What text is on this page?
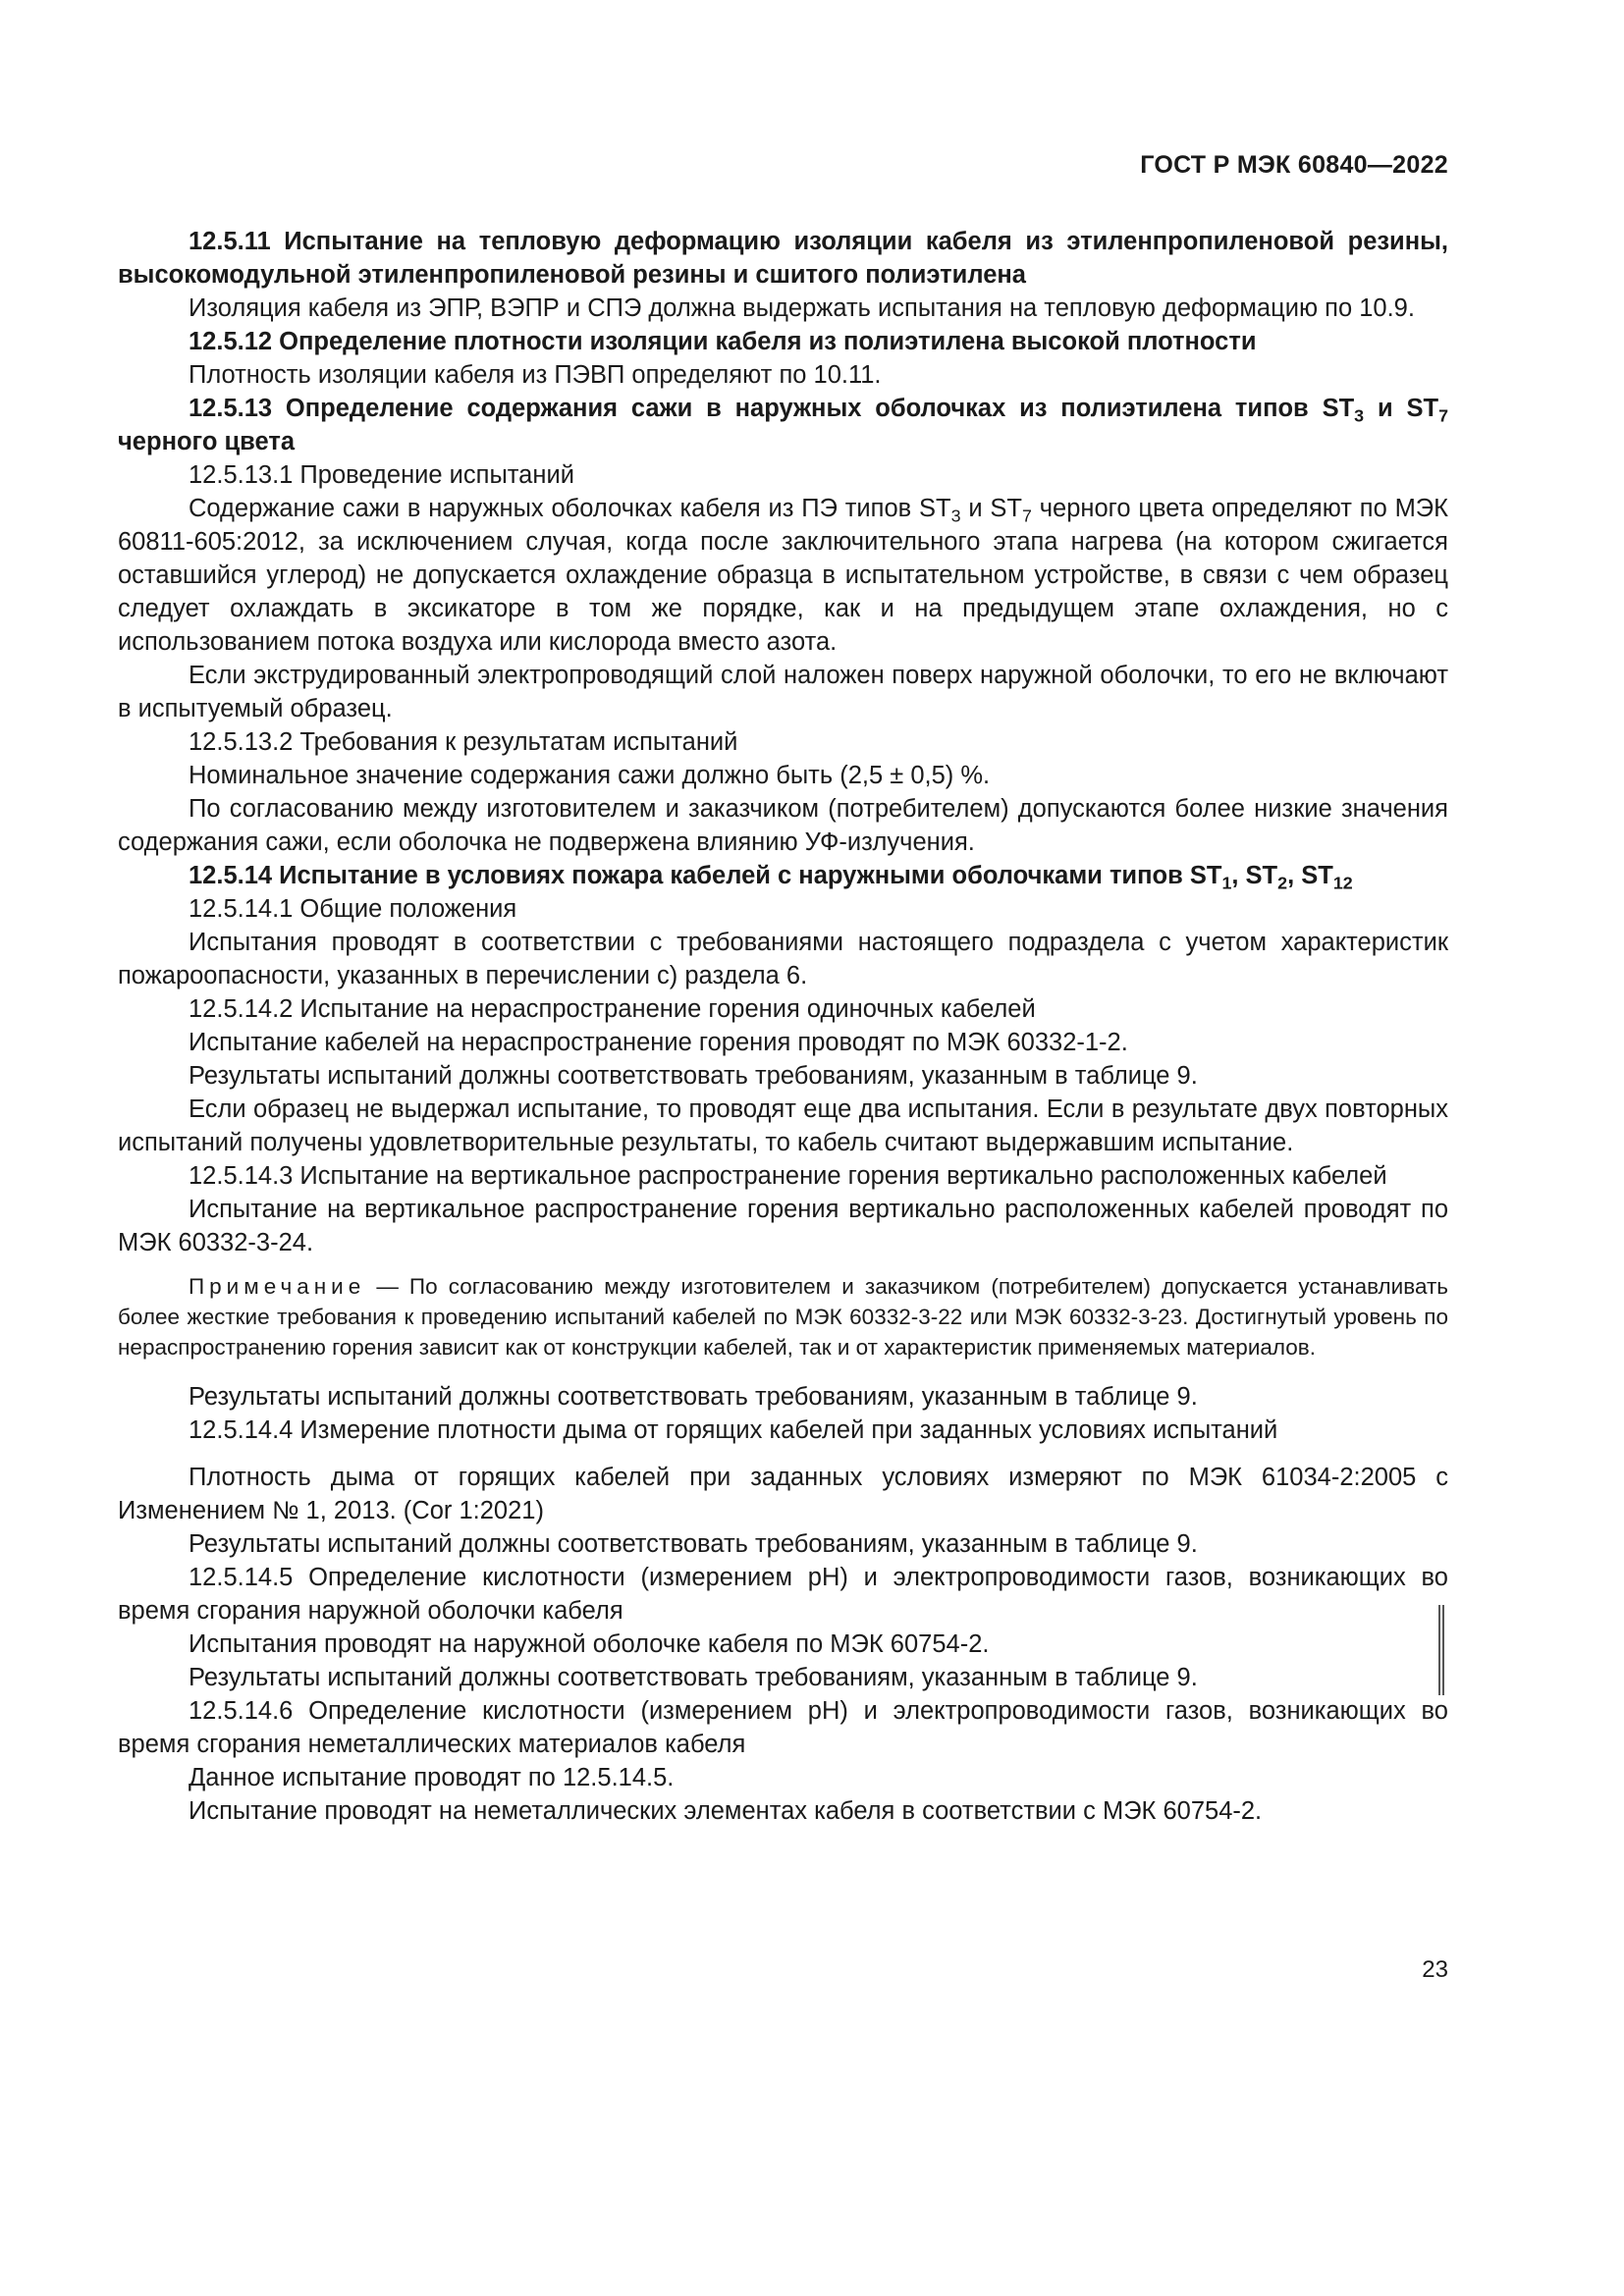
ГОСТ Р МЭК 60840—2022

12.5.11 Испытание на тепловую деформацию изоляции кабеля из этиленпропиленовой резины, высокомодульной этиленпропиленовой резины и сшитого полиэтилена

Изоляция кабеля из ЭПР, ВЭПР и СПЭ должна выдержать испытания на тепловую деформацию по 10.9.

12.5.12 Определение плотности изоляции кабеля из полиэтилена высокой плотности

Плотность изоляции кабеля из ПЭВП определяют по 10.11.

12.5.13 Определение содержания сажи в наружных оболочках из полиэтилена типов $ST_3$ и $ST_7$ черного цвета

12.5.13.1 Проведение испытаний

Содержание сажи в наружных оболочках кабеля из ПЭ типов $ST_3$ и $ST_7$ черного цвета определяют по МЭК 60811-605:2012, за исключением случая, когда после заключительного этапа нагрева (на котором сжигается оставшийся углерод) не допускается охлаждение образца в испытательном устройстве, в связи с чем образец следует охлаждать в эксикаторе в том же порядке, как и на предыдущем этапе охлаждения, но с использованием потока воздуха или кислорода вместо азота.

Если экструдированный электропроводящий слой наложен поверх наружной оболочки, то его не включают в испытуемый образец.

12.5.13.2 Требования к результатам испытаний

Номинальное значение содержания сажи должно быть (2,5 ± 0,5) %.

По согласованию между изготовителем и заказчиком (потребителем) допускаются более низкие значения содержания сажи, если оболочка не подвержена влиянию УФ-излучения.

12.5.14 Испытание в условиях пожара кабелей с наружными оболочками типов $ST_1$, $ST_2$, $ST_{12}$

12.5.14.1 Общие положения

Испытания проводят в соответствии с требованиями настоящего подраздела с учетом характеристик пожароопасности, указанных в перечислении с) раздела 6.

12.5.14.2 Испытание на нераспространение горения одиночных кабелей

Испытание кабелей на нераспространение горения проводят по МЭК 60332-1-2.

Результаты испытаний должны соответствовать требованиям, указанным в таблице 9.

Если образец не выдержал испытание, то проводят еще два испытания. Если в результате двух повторных испытаний получены удовлетворительные результаты, то кабель считают выдержавшим испытание.

12.5.14.3 Испытание на вертикальное распространение горения вертикально расположенных кабелей

Испытание на вертикальное распространение горения вертикально расположенных кабелей проводят по МЭК 60332-3-24.

Примечание — По согласованию между изготовителем и заказчиком (потребителем) допускается устанавливать более жесткие требования к проведению испытаний кабелей по МЭК 60332-3-22 или МЭК 60332-3-23. Достигнутый уровень по нераспространению горения зависит как от конструкции кабелей, так и от характеристик применяемых материалов.

Результаты испытаний должны соответствовать требованиям, указанным в таблице 9.

12.5.14.4 Измерение плотности дыма от горящих кабелей при заданных условиях испытаний

Плотность дыма от горящих кабелей при заданных условиях измеряют по МЭК 61034-2:2005 с Изменением № 1, 2013. (Cor 1:2021)

Результаты испытаний должны соответствовать требованиям, указанным в таблице 9.

12.5.14.5 Определение кислотности (измерением pH) и электропроводимости газов, возникающих во время сгорания наружной оболочки кабеля

Испытания проводят на наружной оболочке кабеля по МЭК 60754-2.

Результаты испытаний должны соответствовать требованиям, указанным в таблице 9.

12.5.14.6 Определение кислотности (измерением pH) и электропроводимости газов, возникающих во время сгорания неметаллических материалов кабеля

Данное испытание проводят по 12.5.14.5.

Испытание проводят на неметаллических элементах кабеля в соответствии с МЭК 60754-2.

23
